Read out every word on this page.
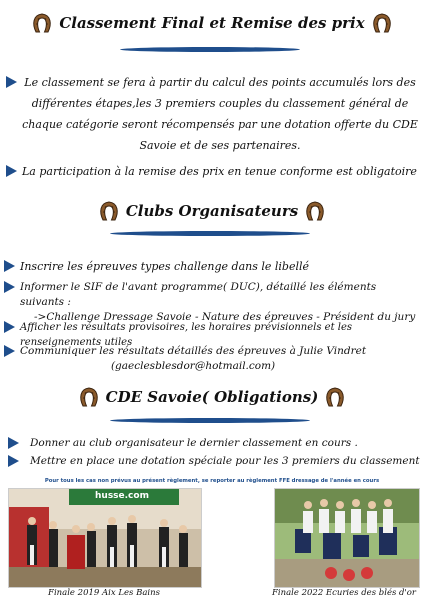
Classement Final et Remise des prix
Le classement se fera à partir du calcul des points accumulés lors des différentes étapes,les 3 premiers couples du classement général de chaque catégorie seront récompensés par une dotation offerte du CDE Savoie et de ses partenaires.
La participation à la remise des prix en tenue conforme est obligatoire
Clubs Organisateurs
Inscrire les épreuves types challenge dans le libellé
Informer le SIF de l'avant programme( DUC), détaillé les éléments suivants :
->Challenge Dressage Savoie - Nature des épreuves - Président du jury
Afficher les résultats provisoires, les horaires prévisionnels et les renseignements utiles
Communiquer les résultats détaillés des épreuves à Julie Vindret
(gaeclesblesdor@hotmail.com)
CDE Savoie( Obligations)
Donner au club organisateur le dernier classement en cours .
Mettre en place une dotation spéciale pour les 3 premiers du classement
Pour tous les cas non prévus au présent règlement, se reporter au règlement FFE dressage de l'année en cours
husse.com
Finale 2019 Aix Les Bains	Finale 2022 Ecuries des blés d'or
